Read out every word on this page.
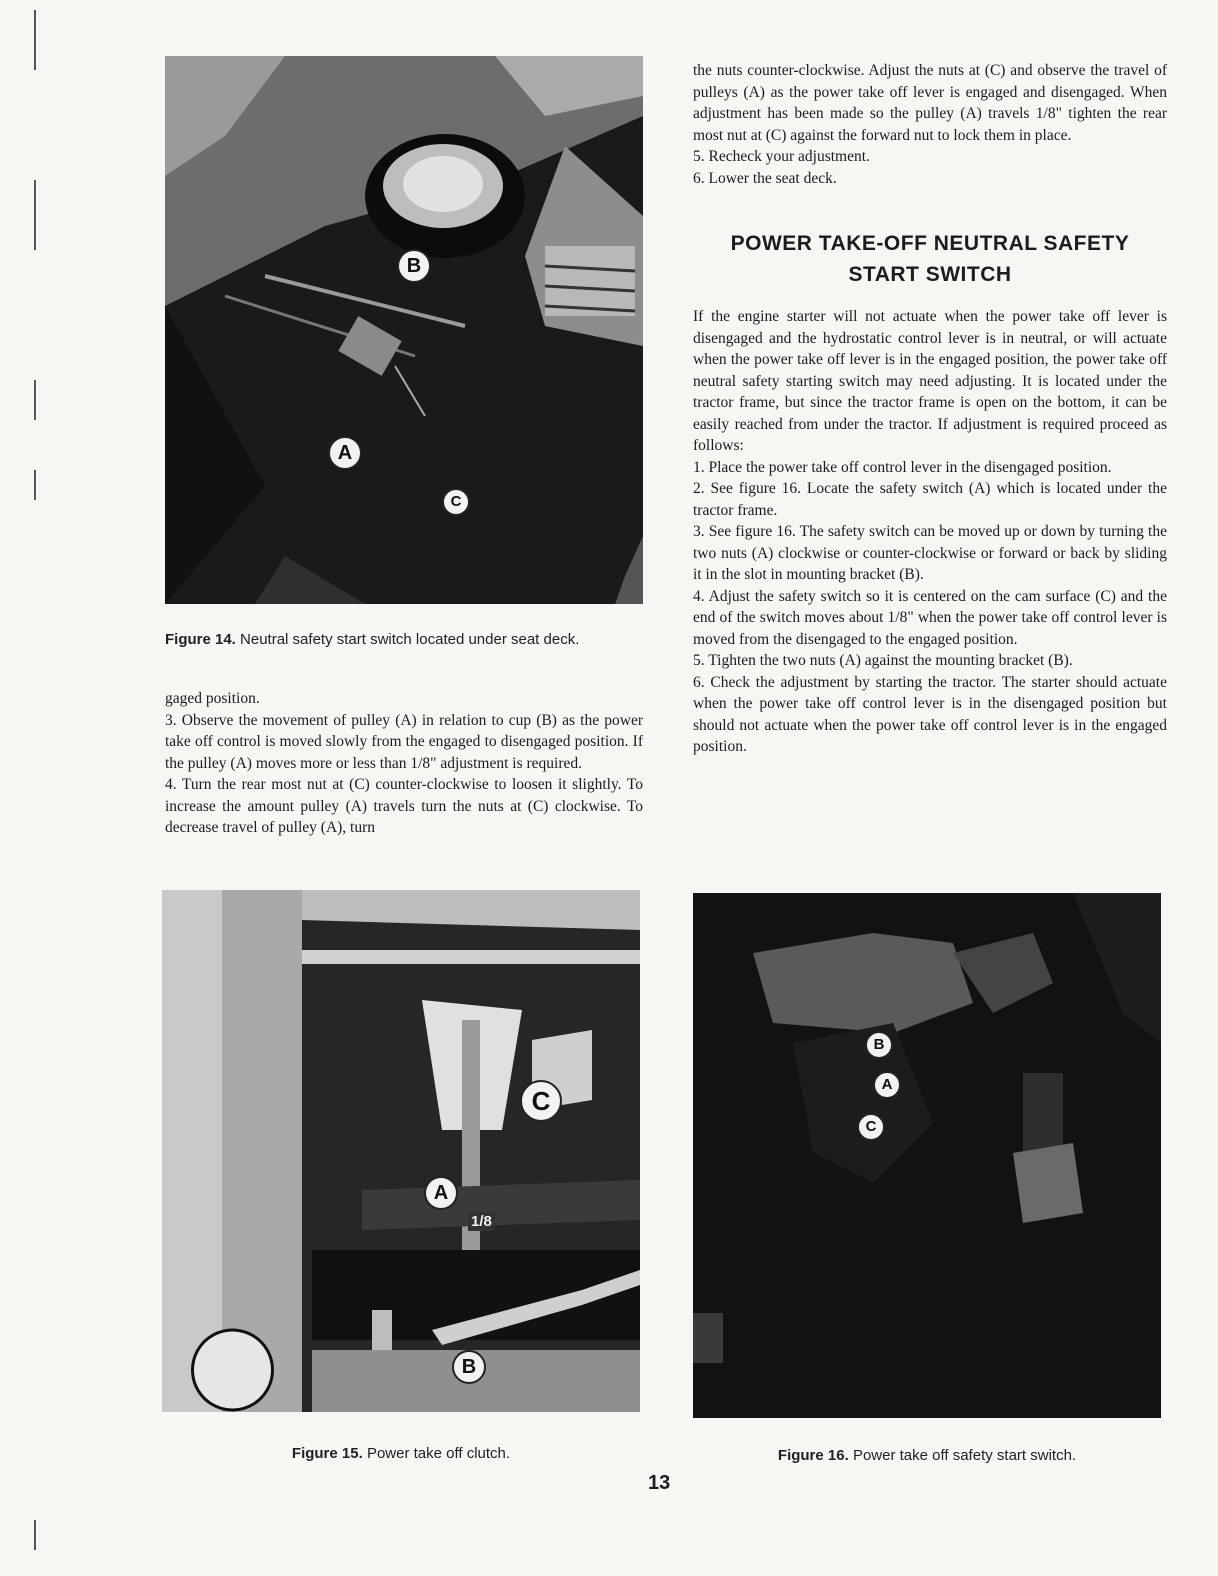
B
A
C
Figure 14. Neutral safety start switch located under seat deck.

gaged position.

3. Observe the movement of pulley (A) in relation to cup (B) as the power take off control is moved slowly from the engaged to disengaged position. If the pulley (A) moves more or less than 1/8" adjustment is required.

4. Turn the rear most nut at (C) counter-clockwise to loosen it slightly. To increase the amount pulley (A) travels turn the nuts at (C) clockwise. To decrease travel of pulley (A), turn

the nuts counter-clockwise. Adjust the nuts at (C) and observe the travel of pulleys (A) as the power take off lever is engaged and disengaged. When adjustment has been made so the pulley (A) travels 1/8" tighten the rear most nut at (C) against the forward nut to lock them in place.

5. Recheck your adjustment.

6. Lower the seat deck.

POWER TAKE-OFF NEUTRAL SAFETY
START SWITCH

If the engine starter will not actuate when the power take off lever is disengaged and the hydrostatic control lever is in neutral, or will actuate when the power take off lever is in the engaged position, the power take off neutral safety starting switch may need adjusting. It is located under the tractor frame, but since the tractor frame is open on the bottom, it can be easily reached from under the tractor. If adjustment is required proceed as follows:

1. Place the power take off control lever in the disengaged position.

2. See figure 16. Locate the safety switch (A) which is located under the tractor frame.

3. See figure 16. The safety switch can be moved up or down by turning the two nuts (A) clockwise or counter-clockwise or forward or back by sliding it in the slot in mounting bracket (B).

4. Adjust the safety switch so it is centered on the cam surface (C) and the end of the switch moves about 1/8" when the power take off control lever is moved from the disengaged to the engaged position.

5. Tighten the two nuts (A) against the mounting bracket (B).

6. Check the adjustment by starting the tractor. The starter should actuate when the power take off control lever is in the disengaged position but should not actuate when the power take off control lever is in the engaged position.

C
A
1/8
B
Figure 15. Power take off clutch.
B
A
C
Figure 16. Power take off safety start switch.
13
